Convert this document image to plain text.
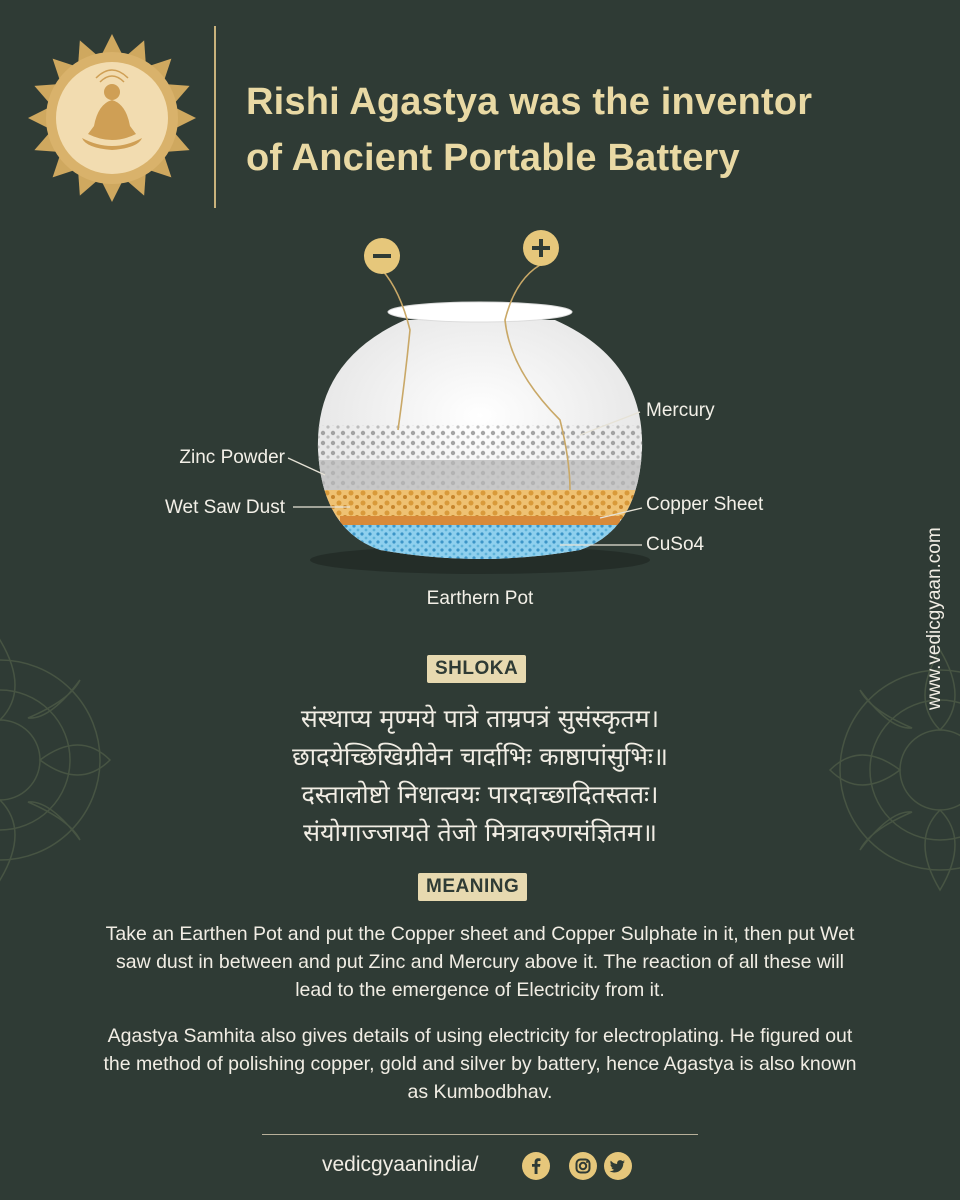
Rishi Agastya was the inventor
of Ancient Portable Battery
Mercury
Zinc Powder
Wet Saw Dust	Copper Sheet
CuSo4
Earthern Pot
SHLOKA
संस्थाप्य मृण्मये पात्रे ताम्रपत्रं सुसंस्कृतम।
छादयेच्छिखिग्रीवेन चार्दाभिः काष्ठापांसुभिः॥
दस्तालोष्टो निधात्वयः पारदाच्छादितस्ततः।
संयोगाज्जायते तेजो मित्रावरुणसंज्ञितम॥
MEANING
Take an Earthen Pot and put the Copper sheet and Copper Sulphate in it, then put Wet saw dust in between and put Zinc and Mercury above it. The reaction of all these will lead to the emergence of Electricity from it.
Agastya Samhita also gives details of using electricity for electroplating. He figured out the method of polishing copper, gold and silver by battery, hence Agastya is also known as Kumbodbhav.
vedicgyaanindia/
www.vedicgyaan.com
